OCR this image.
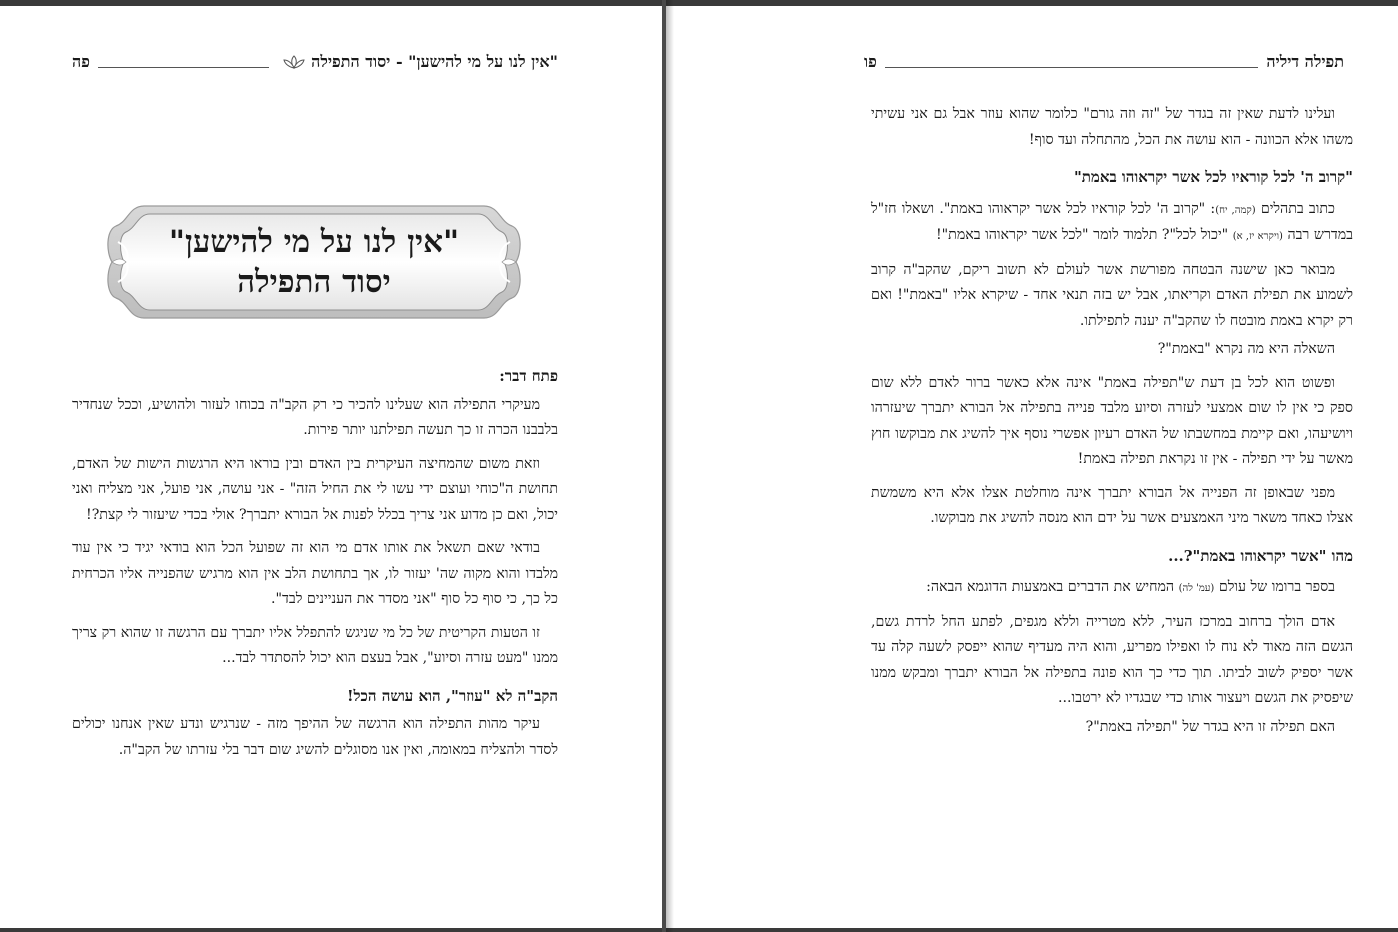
"אין לנו על מי להישען" - יסוד התפילה
פה
"אין לנו על מי להישען"
יסוד התפילה

פתח דבר:

מעיקרי התפילה הוא שעלינו להכיר כי רק הקב"ה בכוחו לעזור ולהושיע, וככל שנחדיר בלבבנו הכרה זו כך תעשה תפילתנו יותר פירות.

וזאת משום שהמחיצה העיקרית בין האדם ובין בוראו היא הרגשות הישות של האדם, תחושת ה"כוחי ועוצם ידי עשו לי את החיל הזה" - אני עושה, אני פועל, אני מצליח ואני יכול, ואם כן מדוע אני צריך בכלל לפנות אל הבורא יתברך? אולי בכדי שיעזור לי קצת?!

בודאי שאם תשאל את אותו אדם מי הוא זה שפועל הכל הוא בודאי יגיד כי אין עוד מלבדו והוא מקוה שה' יעזור לו, אך בתחושת הלב אין הוא מרגיש שהפנייה אליו הכרחית כל כך, כי סוף כל סוף "אני מסדר את העניינים לבד".

זו הטעות הקריטית של כל מי שניגש להתפלל אליו יתברך עם הרגשה זו שהוא רק צריך ממנו "מעט עזרה וסיוע", אבל בעצם הוא יכול להסתדר לבד...

הקב"ה לא "עוזר", הוא עושה הכל!

עיקר מהות התפילה הוא הרגשה של ההיפך מזה - שנרגיש ונדע שאין אנחנו יכולים לסדר ולהצליח במאומה, ואין אנו מסוגלים להשיג שום דבר בלי עזרתו של הקב"ה.

תפילה דיליה
פו

ועלינו לדעת שאין זה בגדר של "זה וזה גורם" כלומר שהוא עוזר אבל גם אני עשיתי משהו אלא הכוונה - הוא עושה את הכל, מהתחלה ועד סוף!

"קרוב ה' לכל קוראיו לכל אשר יקראוהו באמת"

כתוב בתהלים (קמה, יח): "קרוב ה' לכל קוראיו לכל אשר יקראוהו באמת". ושאלו חז"ל במדרש רבה (ויקרא יז, א) "יכול לכל"? תלמוד לומר "לכל אשר יקראוהו באמת"!

מבואר כאן שישנה הבטחה מפורשת אשר לעולם לא תשוב ריקם, שהקב"ה קרוב לשמוע את תפילת האדם וקריאתו, אבל יש בזה תנאי אחד - שיקרא אליו "באמת"! ואם רק יקרא באמת מובטח לו שהקב"ה יענה לתפילתו.

השאלה היא מה נקרא "באמת"?

ופשוט הוא לכל בן דעת ש"תפילה באמת" אינה אלא כאשר ברור לאדם ללא שום ספק כי אין לו שום אמצעי לעזרה וסיוע מלבד פנייה בתפילה אל הבורא יתברך שיעזרהו ויושיעהו, ואם קיימת במחשבתו של האדם רעיון אפשרי נוסף איך להשיג את מבוקשו חוץ מאשר על ידי תפילה - אין זו נקראת תפילה באמת!

מפני שבאופן זה הפנייה אל הבורא יתברך אינה מוחלטת אצלו אלא היא משמשת אצלו כאחד משאר מיני האמצעים אשר על ידם הוא מנסה להשיג את מבוקשו.

מהו "אשר יקראוהו באמת"?...

בספר ברומו של עולם (עמ' לה) המחיש את הדברים באמצעות הדוגמא הבאה:

אדם הולך ברחוב במרכז העיר, ללא מטרייה וללא מגפים, לפתע החל לרדת גשם, הגשם הזה מאוד לא נוח לו ואפילו מפריע, והוא היה מעדיף שהוא ייפסק לשעה קלה עד אשר יספיק לשוב לביתו. תוך כדי כך הוא פונה בתפילה אל הבורא יתברך ומבקש ממנו שיפסיק את הגשם ויעצור אותו כדי שבגדיו לא ירטבו...

האם תפילה זו היא בגדר של "תפילה באמת"?
